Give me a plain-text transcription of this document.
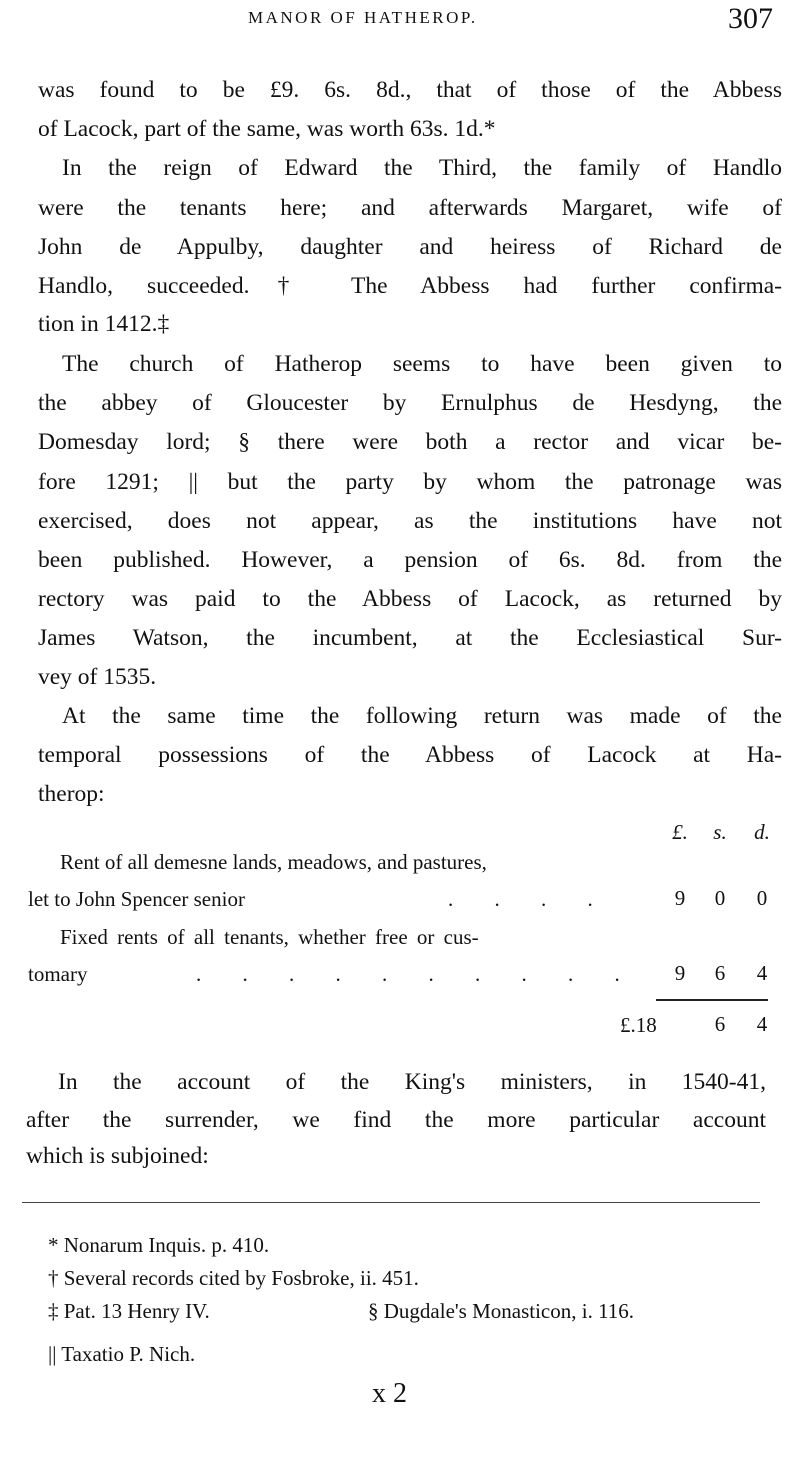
MANOR OF HATHEROP.	307
was found to be £9. 6s. 8d., that of those of the Abbess
of Lacock, part of the same, was worth 63s. 1d.*
In the reign of Edward the Third, the family of Handlo
were the tenants here; and afterwards Margaret, wife of
John de Appulby, daughter and heiress of Richard de
Handlo, succeeded.† The Abbess had further confirma-
tion in 1412.‡
The church of Hatherop seems to have been given to
the abbey of Gloucester by Ernulphus de Hesdyng, the
Domesday lord; § there were both a rector and vicar be-
fore 1291; || but the party by whom the patronage was
exercised, does not appear, as the institutions have not
been published. However, a pension of 6s. 8d. from the
rectory was paid to the Abbess of Lacock, as returned by
James Watson, the incumbent, at the Ecclesiastical Sur-
vey of 1535.
At the same time the following return was made of the
temporal possessions of the Abbess of Lacock at Ha-
therop:
£. s. d.
Rent of all demesne lands, meadows, and pastures,
let to John Spencer senior	. . . .	9	0	0
Fixed rents of all tenants, whether free or cus-
tomary	. . . . . . . . . .	9	6	4
£.18	6	4
In the account of the King's ministers, in 1540-41,
after the surrender, we find the more particular account
which is subjoined:
* Nonarum Inquis. p. 410.
† Several records cited by Fosbroke, ii. 451.
‡ Pat. 13 Henry IV.	§ Dugdale's Monasticon, i. 116.
|| Taxatio P. Nich.
x 2
